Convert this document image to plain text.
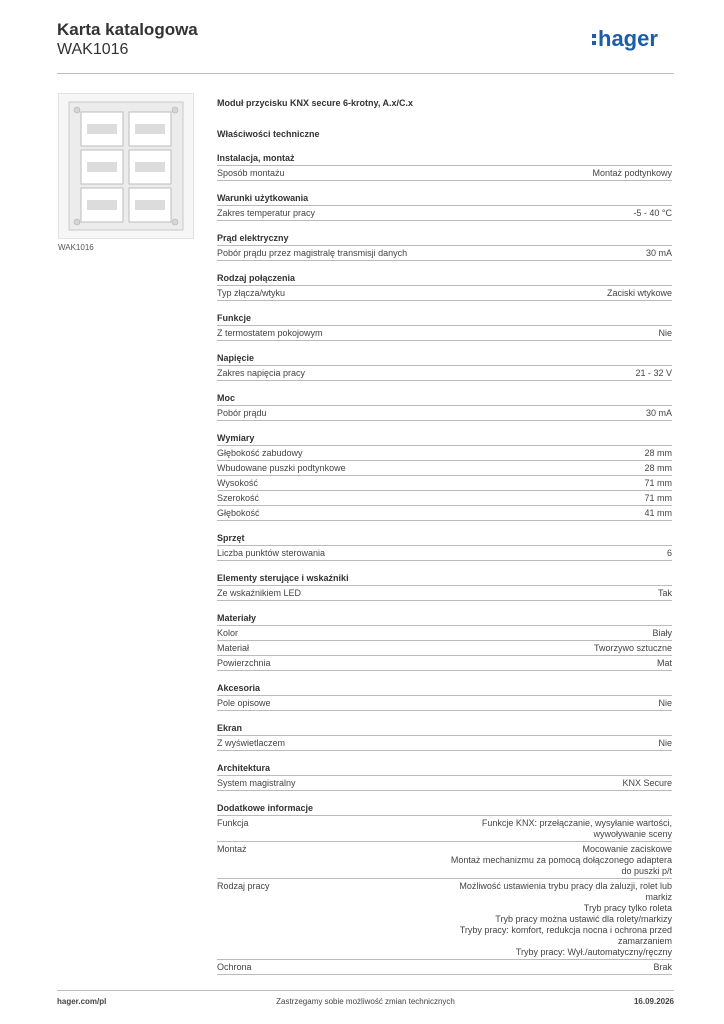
Karta katalogowa
WAK1016	hager
WAK1016
Moduł przycisku KNX secure 6-krotny, A.x/C.x
Właściwości techniczne
Instalacja, montaż
Sposób montażu	Montaż podtynkowy
Warunki użytkowania
Zakres temperatur pracy	-5 - 40 °C
Prąd elektryczny
Pobór prądu przez magistralę transmisji danych	30 mA
Rodzaj połączenia
Typ złącza/wtyku	Zaciski wtykowe
Funkcje
Z termostatem pokojowym	Nie
Napięcie
Zakres napięcia pracy	21 - 32 V
Moc
Pobór prądu	30 mA
Wymiary
Głębokość zabudowy	28 mm
Wbudowane puszki podtynkowe	28 mm
Wysokość	71 mm
Szerokość	71 mm
Głębokość	41 mm
Sprzęt
Liczba punktów sterowania	6
Elementy sterujące i wskaźniki
Ze wskaźnikiem LED	Tak
Materiały
Kolor	Biały
Materiał	Tworzywo sztuczne
Powierzchnia	Mat
Akcesoria
Pole opisowe	Nie
Ekran
Z wyświetlaczem	Nie
Architektura
System magistralny	KNX Secure
Dodatkowe informacje
Funkcja	Funkcje KNX: przełączanie, wysyłanie wartości,
wywoływanie sceny
Montaż	Mocowanie zaciskowe
Montaż mechanizmu za pomocą dołączonego adaptera
do puszki p/t
Rodzaj pracy	Możliwość ustawienia trybu pracy dla żaluzji, rolet lub
markiz
Tryb pracy tylko roleta
Tryb pracy można ustawić dla rolety/markizy
Tryby pracy: komfort, redukcja nocna i ochrona przed
zamarzaniem
Tryby pracy: Wył./automatyczny/ręczny
Ochrona	Brak
hager.com/pl	Zastrzegamy sobie możliwość zmian technicznych	16.09.2026
